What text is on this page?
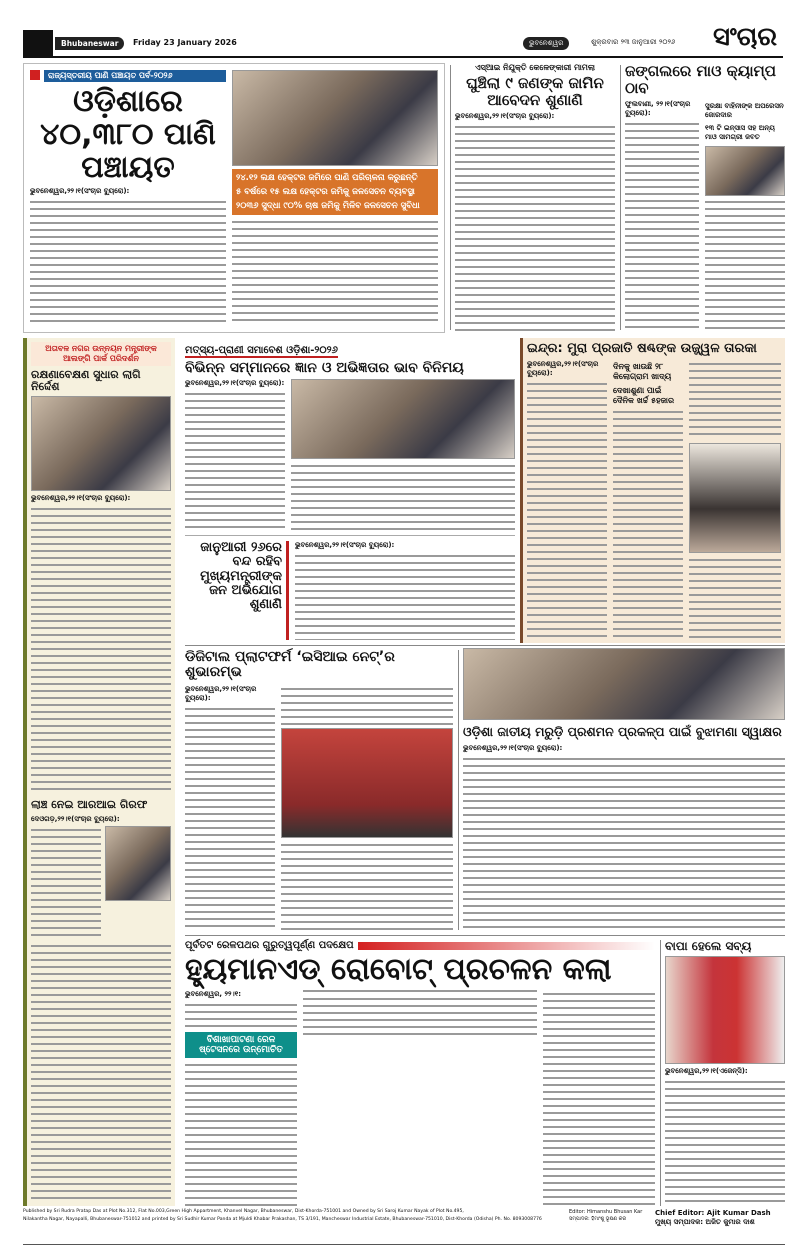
Bhubaneswar	Friday 23 January 2026	ଭୁବନେଶ୍ୱର	ଶୁକ୍ରବାର ୨୩ ଜାନୁଆରୀ ୨୦୨୬ ସଂଚାର
ରାଜ୍ୟସ୍ତରୀୟ ପାଣି ପଞ୍ଚାୟତ ପର୍ବ-୨୦୨୬
ଓଡ଼ିଶାରେ ୪୦,୩୮୦ ପାଣି ପଞ୍ଚାୟତ
ଭୁବନେଶ୍ୱର,୨୨।୧(ସଂଚାର ବ୍ୟୁରୋ):
୨୪.୧୨ ଲକ୍ଷ ହେକ୍ଟର ଜମିରେ ପାଣି ପରିଚାଳନା କରୁଛନ୍ତି
୫ ବର୍ଷରେ ୧୫ ଲକ୍ଷ ହେକ୍ଟର ଜମିକୁ ଜଳସେଚନ ବ୍ୟବସ୍ଥା
୨୦୩୬ ସୁଦ୍ଧା ୯୦% ଚାଷ ଜମିକୁ ମିଳିବ ଜଳସେଚନ ସୁବିଧା
ଏସ୍‌ଆଇ ନିଯୁକ୍ତି କେଳେଙ୍କାରୀ ମାମଲା
ଘୁଞ୍ଚିଲା ୯ ଜଣଙ୍କ ଜାମିନ ଆବେଦନ ଶୁଣାଣି
ଭୁବନେଶ୍ୱର,୨୨।୧(ସଂଚାର ବ୍ୟୁରୋ):
ଜଙ୍ଗଲରେ ମାଓ କ୍ୟାମ୍ପ ଠାବ
ଫୁଲବାଣୀ, ୨୨।୧(ସଂଚାର ବ୍ୟୁରୋ):
ସୁରକ୍ଷା ବାହିନୀଙ୍କ ଅପରେସନ ଜୋରଦାର
୧୩ ଟି ଇନ୍ସାସ ସହ ଅନ୍ୟ ମାଓ ସାମଗ୍ରୀ ଜବତ
ଅତାବଳ ନଗର ଉନ୍ନୟନ ମନ୍ତ୍ରୀଙ୍କ ଆଲଙ୍ଗି ପାର୍କ ପରିଦର୍ଶନ
ରକ୍ଷଣାବେକ୍ଷଣ ସୁଧାର ଲାଗି ନିର୍ଦ୍ଦେଶ
ଭୁବନେଶ୍ୱର,୨୨।୧(ସଂଚାର ବ୍ୟୁରୋ):
ଲାଞ୍ଚ ନେଇ ଆରଆଇ ଗିରଫ
ଦେଓଗଡ଼,୨୨।୧(ସଂଚାର ବ୍ୟୁରୋ):
ମତ୍ସ୍ୟ-ପ୍ରାଣୀ ସମାବେଶ ଓଡ଼ିଶା-୨୦୨୬
ବିଭିନ୍ନ ସମ୍ମାନରେ ଜ୍ଞାନ ଓ ଅଭିଜ୍ଞତାର ଭାବ ବିନିମୟ
ଭୁବନେଶ୍ୱର,୨୨।୧(ସଂଚାର ବ୍ୟୁରୋ):
ଇନ୍ଦ୍ର: ମୁରା ପ୍ରଜାତି ଷଣ୍ଢଙ୍କ ଉଜ୍ଜ୍ୱଳ ତାରକା
ଭୁବନେଶ୍ୱର,୨୨।୧(ସଂଚାର ବ୍ୟୁରୋ):
ଦିନକୁ ଖାଉଛି ୨୮ କିଲୋଗ୍ରାମ ଖାଦ୍ୟ
ଦେଖାଶୁଣା ପାଇଁ ଦୈନିକ ଖର୍ଚ୍ଚ ୫ହଜାର
ଜାନୁଆରୀ ୨୬ରେ ବନ୍ଦ ରହିବ ମୁଖ୍ୟମନ୍ତ୍ରୀଙ୍କ ଜନ ଅଭିଯୋଗ ଶୁଣାଣି
ଭୁବନେଶ୍ୱର,୨୨।୧(ସଂଚାର ବ୍ୟୁରୋ):
ଡିଜିଟାଲ ପ୍ଲାଟଫର୍ମ ‘ଇସିଆଇ ନେଟ୍’ର ଶୁଭାରମ୍ଭ
ଭୁବନେଶ୍ୱର,୨୨।୧(ସଂଚାର ବ୍ୟୁରୋ):
ଓଡ଼ିଶା ଜାତୀୟ ମରୁଡ଼ି ପ୍ରଶମନ ପ୍ରକଳ୍ପ ପାଇଁ ବୁଝାମଣା ସ୍ୱାକ୍ଷର
ଭୁବନେଶ୍ୱର,୨୨।୧(ସଂଚାର ବ୍ୟୁରୋ):
ପୂର୍ବତଟ ରେଳପଥର ଗୁରୁତ୍ୱପୂର୍ଣ୍ଣ ପଦକ୍ଷେପ
ହ୍ୟୁମାନଏଡ୍ ରୋବୋଟ୍ ପ୍ରଚଳନ କଲା
ଭୁବନେଶ୍ୱର, ୨୨।୧:
ବିଶାଖାପାଟଣା ରେଳ ଷ୍ଟେସନରେ ଉନ୍ମୋଚିତ
ବାପା ହେଲେ ସବ୍ୟ
ଭୁବନେଶ୍ୱର,୨୨।୧(ଏଜେନ୍ସି):
Published by Sri Rudra Pratap Das at Plot No.312, Flat No.003,Green High Appartment, Khanvel Nagar, Bhubaneswar, Dist-Khorda-751001 and Owned by Sri Saroj Kumar Nayak of Plot No.495,
Nilakantha Nagar, Nayapalli, Bhubaneswar-751012 and printed by Sri Sudhir Kumar Panda at Mjuldi Khabar Prakashan, TS 3/191, Mancheswar Industrial Estate, Bhubaneswar-751010, Dist-Khorda (Odisha) Ph. No. 8093008776
Editor: Himanshu Bhusan Kar
ସମ୍ପାଦକ: ହିମାଂଶୁ ଭୂଷଣ କର
Chief Editor: Ajit Kumar Dash
ମୁଖ୍ୟ ସମ୍ପାଦକ: ଅଜିତ କୁମାର ଦାଶ
